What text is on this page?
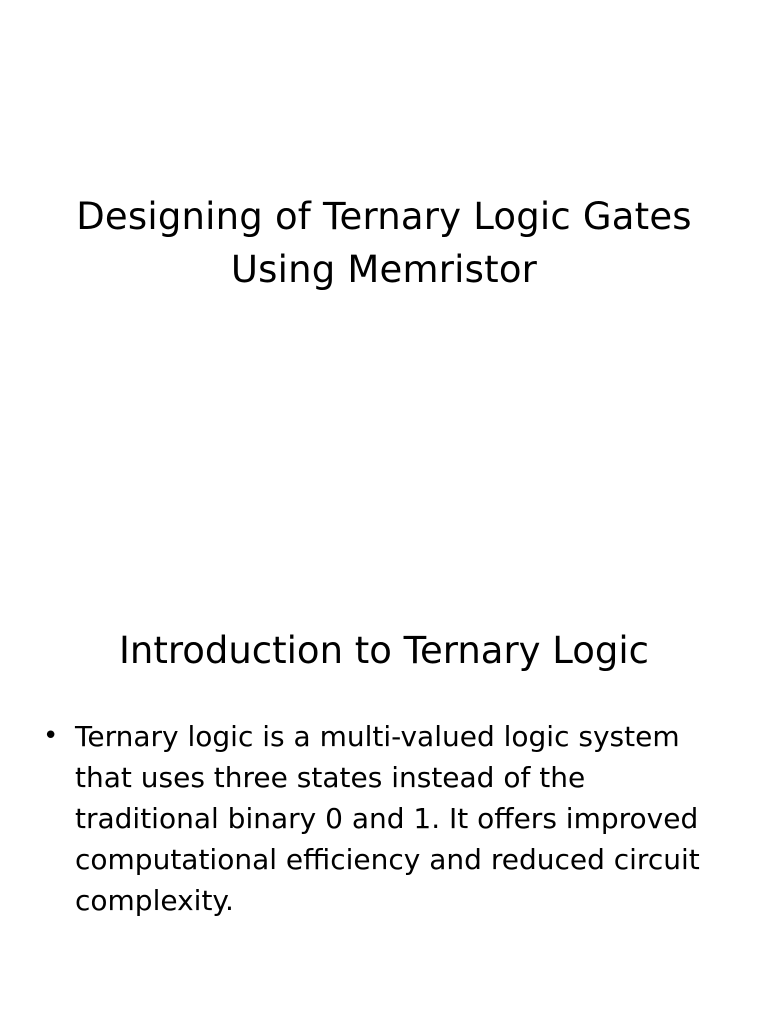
Designing of Ternary Logic Gates Using Memristor
Introduction to Ternary Logic
• Ternary logic is a multi-valued logic system that uses three states instead of the traditional binary 0 and 1. It offers improved computational efficiency and reduced circuit complexity.
